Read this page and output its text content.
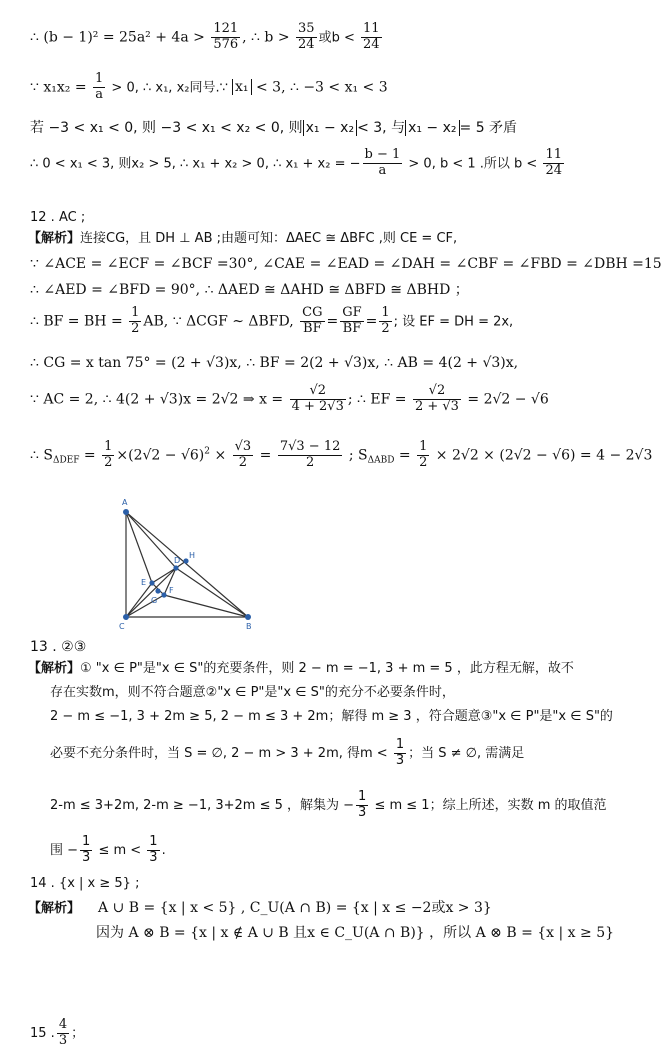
∴ $(b - 1)^2 = 25a^2 + 4a > \frac{121}{576}$ , ∴ $b > \frac{35}{24}$ 或$b < \frac{11}{24}$
∵ $x_1x_2 = \frac{1}{a} > 0$, ∴ x₁, x₂同号.∵ x₁ < 3, ∴ −3 < x₁ < 3
若 −3 < x₁ < 0, 则 −3 < x₁ < x₂ < 0, 则 x₁ − x₂ < 3, 与 x₁ − x₂ = 5 矛盾
∴ 0 < x₁ < 3, 则x₂ > 5, ∴ x₁ + x₂ > 0, ∴ x₁ + x₂ = − $\frac{b - 1}{a} > 0$, b < 1 .所以 $b < \frac{11}{24}$
12 . AC ;
【解析】连接CG，且 DH ⊥ AB ;由题可知：ΔAEC ≅ ΔBFC ,则 CE = CF,
∵ ∠ACE = ∠ECF = ∠BCF =30°, ∠CAE = ∠EAD = ∠DAH = ∠CBF = ∠FBD = ∠DBH =15
∴ ∠AED = ∠BFD = 90°, ∴ ΔAED ≅ ΔAHD ≅ ΔBFD ≅ ΔBHD ；
∴ BF = BH = $\frac{1}{2}$ AB, ∵ ΔCGF ∼ ΔBFD, $\frac{CG}{BF} = \frac{GF}{BF} = \frac{1}{2}$ ; 设 EF = DH = 2x,
∴ CG = x tan 75° = (2 + √3)x, ∴ BF = 2(2 + √3)x, ∴ AB = 4(2 + √3)x,
∵ AC = 2, ∴ 4(2 + √3)x = 2√2 ⇒ $x = \frac{√2}{4 + 2√3}$ ; ∴ EF = $\frac{√2}{2 + √3} = 2√2 - √6$
∴ $S_{\Delta DEF} = \frac{1}{2} \times(2√2 - √6)^2 \times \frac{√3}{2} = \frac{7√3 - 12}{2}$ ; $S_{\Delta ABD} = \frac{1}{2} \times 2√2 \times (2√2 - √6) = 4 - 2√3$
A
C	B
D
H
E
F
G
13 . ②③
【解析】① "x ∈ P"是"x ∈ S"的充要条件，则 2 − m = −1, 3 + m = 5 ，此方程无解，故不
存在实数m，则不符合题意②"x ∈ P"是"x ∈ S"的充分不必要条件时，
2 − m ≤ −1, 3 + 2m ≥ 5, 2 − m ≤ 3 + 2m；解得 m ≥ 3 ，符合题意③"x ∈ P"是"x ∈ S"的
必要不充分条件时，当 S = ∅, 2 − m > 3 + 2m, 得$m < \frac{1}{3}$ ；当 S ≠ ∅, 需满足
2-m ≤ 3+2m, 2-m ≥ −1, 3+2m ≤ 5 ，解集为 − $\frac{1}{3} \le m \le 1$；综上所述，实数 m 的取值范
围 − $\frac{1}{3} \le m < \frac{1}{3}$ .
14 . {x | x ≥ 5} ;
【解析】 A ∪ B = {x | x < 5} , C_U(A ∩ B) = {x | x ≤ −2或x > 3}
因为 A ⊗ B = {x | x ∉ A ∪ B 且x ∈ C_U(A ∩ B)} ，所以 A ⊗ B = {x | x ≥ 5}
15 . $\frac{4}{3}$ ；
